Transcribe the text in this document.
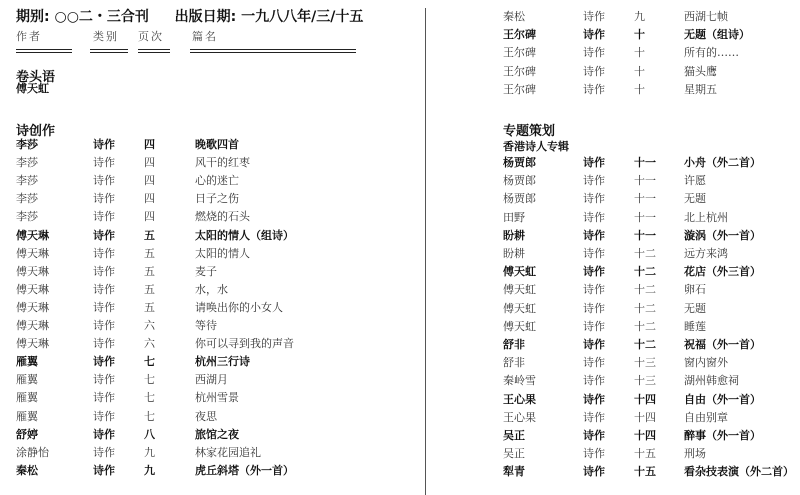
期别: ○○二・三合刊 出版日期: 一九八八年/三/十五
作者	类别 页次	篇名
卷头语
傅天虹
诗创作
李莎	诗作	四	晚歌四首
李莎	诗作	四	风干的红枣
李莎	诗作	四	心的迷亡
李莎	诗作	四	日子之伤
李莎	诗作	四	燃烧的石头
傅天琳	诗作	五	太阳的情人（组诗）
傅天琳	诗作	五	太阳的情人
傅天琳	诗作	五	麦子
傅天琳	诗作	五	水，水
傅天琳	诗作	五	请唤出你的小女人
傅天琳	诗作	六	等待
傅天琳	诗作	六	你可以寻到我的声音
雁翼	诗作	七	杭州三行诗
雁翼	诗作	七	西湖月
雁翼	诗作	七	杭州雪景
雁翼	诗作	七	夜思
舒婷	诗作	八	旅馆之夜
涂静怡	诗作	九	林家花园追礼
秦松	诗作	九	虎丘斜塔（外一首）
秦松	诗作	九	西湖七帧
王尔碑	诗作	十	无题（组诗）
王尔碑	诗作	十	所有的……
王尔碑	诗作	十	猫头鹰
王尔碑	诗作	十	星期五
专题策划
香港诗人专辑
杨贾郎	诗作	十一	小舟（外二首）
杨贾郎	诗作	十一	许愿
杨贾郎	诗作	十一	无题
田野	诗作	十一	北上杭州
盼耕	诗作	十一	漩涡（外一首）
盼耕	诗作	十二	远方来鸿
傅天虹	诗作	十二	花店（外三首）
傅天虹	诗作	十二	卵石
傅天虹	诗作	十二	无题
傅天虹	诗作	十二	睡莲
舒非	诗作	十二	祝福（外一首）
舒非	诗作	十三	窗内窗外
秦岭雪	诗作	十三	湖州韩愈祠
王心果	诗作	十四	自由（外一首）
王心果	诗作	十四	自由别章
吴正	诗作	十四	醉事（外一首）
吴正	诗作	十五	刑场
犁青	诗作	十五	看杂技表演（外二首）
